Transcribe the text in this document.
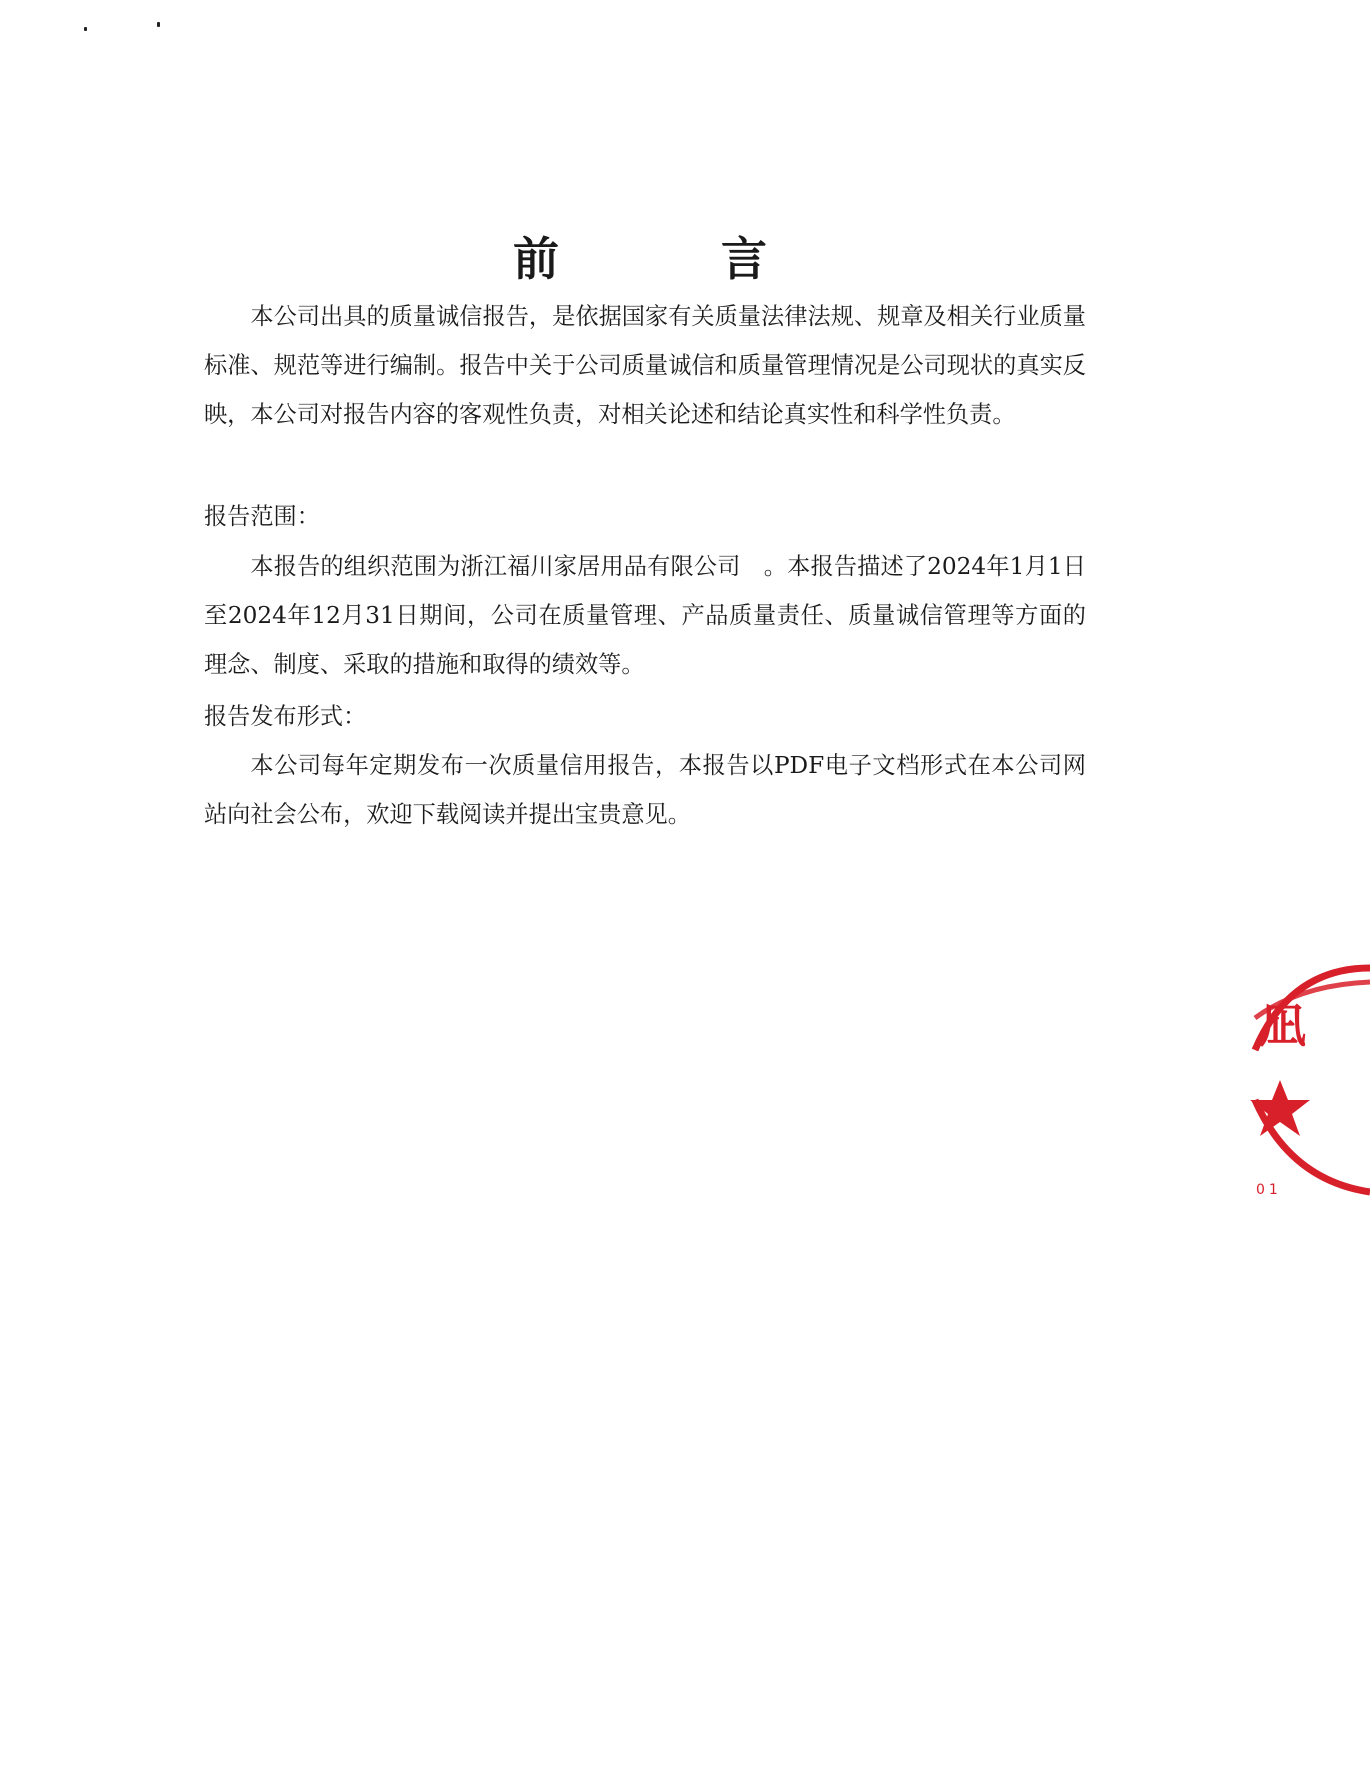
前　言
本公司出具的质量诚信报告，是依据国家有关质量法律法规、规章及相关行业质量标准、规范等进行编制。报告中关于公司质量诚信和质量管理情况是公司现状的真实反映，本公司对报告内容的客观性负责，对相关论述和结论真实性和科学性负责。
报告范围：
本报告的组织范围为浙江福川家居用品有限公司　。本报告描述了2024年1月1日至2024年12月31日期间，公司在质量管理、产品质量责任、质量诚信管理等方面的理念、制度、采取的措施和取得的绩效等。
报告发布形式：
本公司每年定期发布一次质量信用报告，本报告以PDF电子文档形式在本公司网站向社会公布，欢迎下载阅读并提出宝贵意见。
凪
01
